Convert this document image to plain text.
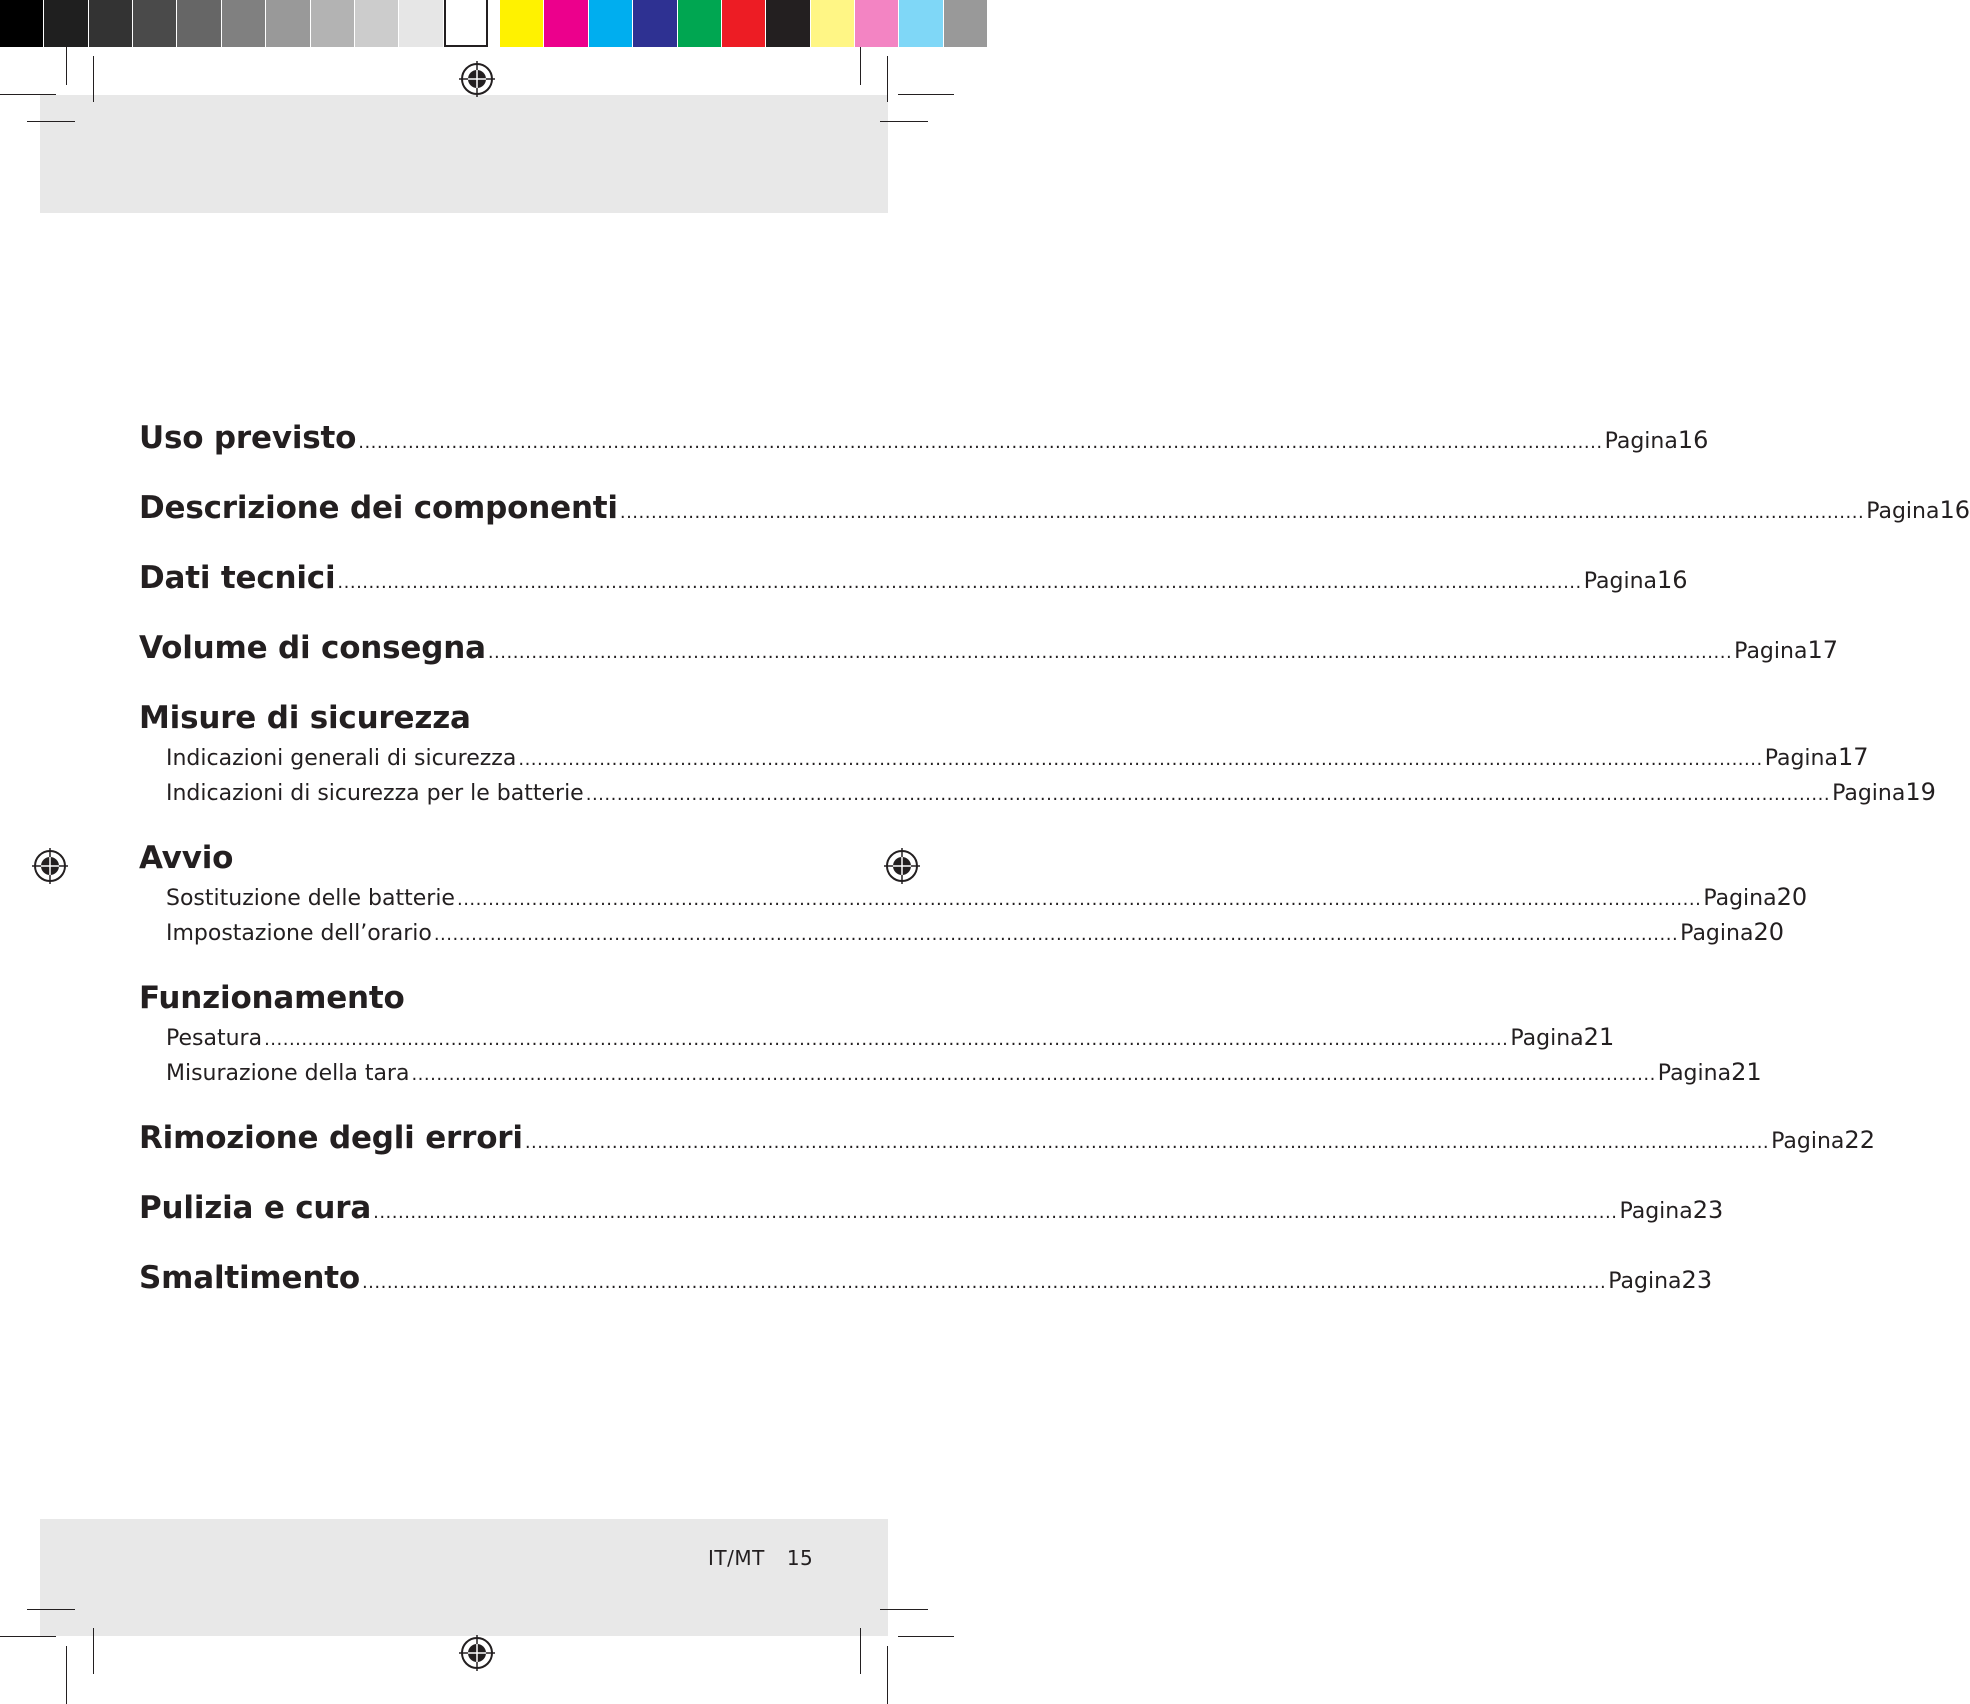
Uso previsto ........................................................................................................................................................................................................ Pagina 16
Descrizione dei componenti ........................................................................................................................................................................................................ Pagina 16
Dati tecnici ........................................................................................................................................................................................................ Pagina 16
Volume di consegna ........................................................................................................................................................................................................ Pagina 17
Misure di sicurezza
Indicazioni generali di sicurezza ........................................................................................................................................................................................................ Pagina 17
Indicazioni di sicurezza per le batterie ........................................................................................................................................................................................................ Pagina 19
Avvio
Sostituzione delle batterie ........................................................................................................................................................................................................ Pagina 20
Impostazione dell’orario ........................................................................................................................................................................................................ Pagina 20
Funzionamento
Pesatura ........................................................................................................................................................................................................ Pagina 21
Misurazione della tara ........................................................................................................................................................................................................ Pagina 21
Rimozione degli errori ........................................................................................................................................................................................................ Pagina 22
Pulizia e cura ........................................................................................................................................................................................................ Pagina 23
Smaltimento ........................................................................................................................................................................................................ Pagina 23
IT/MT 15
